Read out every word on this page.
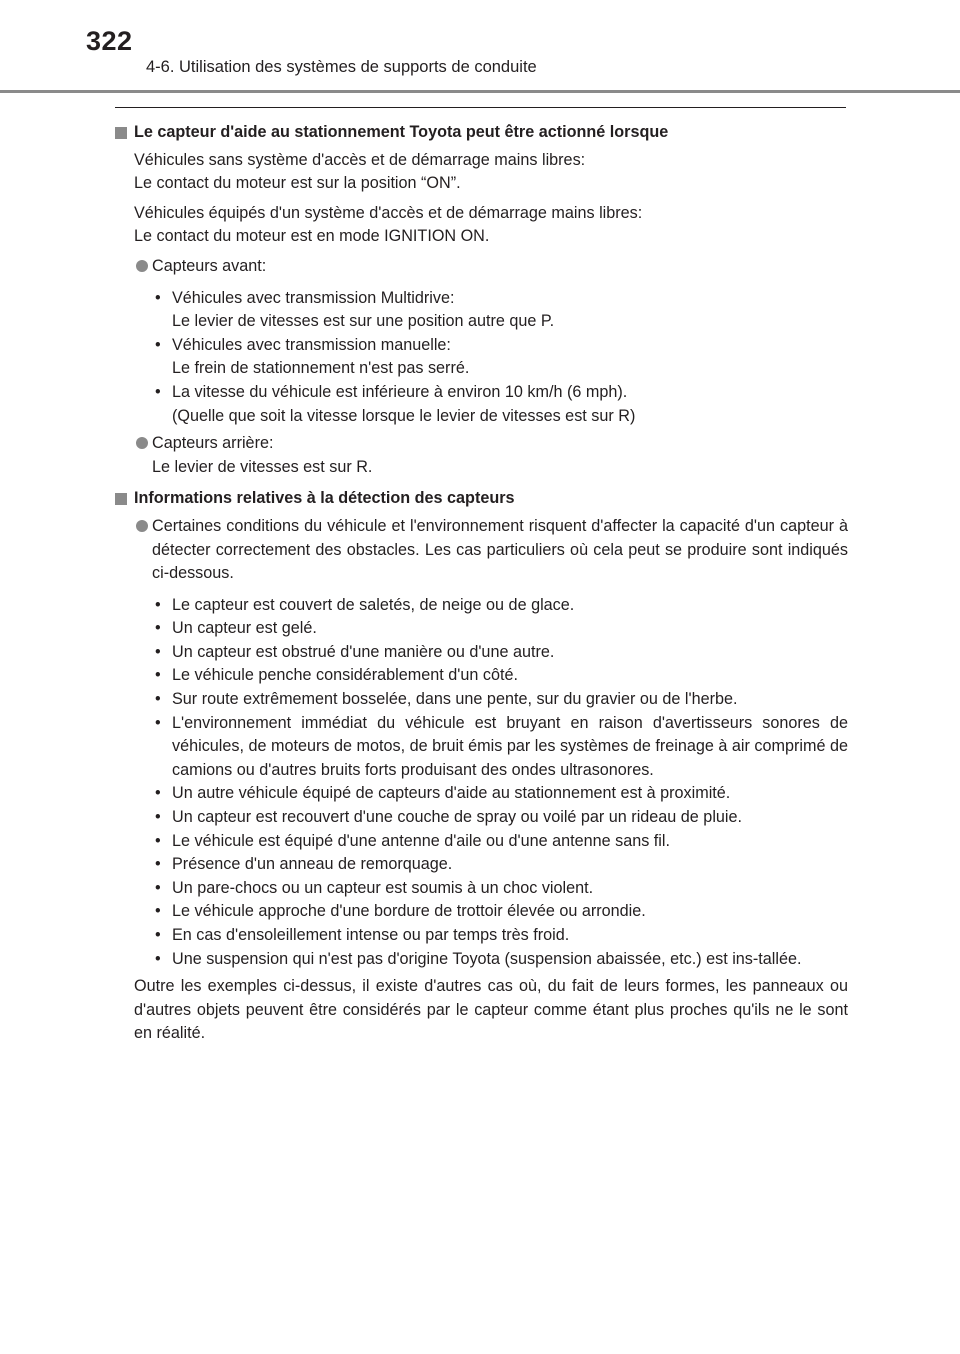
322
4-6. Utilisation des systèmes de supports de conduite
Le capteur d'aide au stationnement Toyota peut être actionné lorsque

Véhicules sans système d'accès et de démarrage mains libres:

Le contact du moteur est sur la position “ON”.

Véhicules équipés d'un système d'accès et de démarrage mains libres:

Le contact du moteur est en mode IGNITION ON.

Capteurs avant:
• Véhicules avec transmission Multidrive:
Le levier de vitesses est sur une position autre que P.
• Véhicules avec transmission manuelle:
Le frein de stationnement n'est pas serré.
• La vitesse du véhicule est inférieure à environ 10 km/h (6 mph).
(Quelle que soit la vitesse lorsque le levier de vitesses est sur R)
Capteurs arrière:
Le levier de vitesses est sur R.
Informations relatives à la détection des capteurs
Certaines conditions du véhicule et l'environnement risquent d'affecter la capacité d'un capteur à détecter correctement des obstacles. Les cas particuliers où cela peut se produire sont indiqués ci-dessous.
• Le capteur est couvert de saletés, de neige ou de glace.
• Un capteur est gelé.
• Un capteur est obstrué d'une manière ou d'une autre.
• Le véhicule penche considérablement d'un côté.
• Sur route extrêmement bosselée, dans une pente, sur du gravier ou de l'herbe.
• L'environnement immédiat du véhicule est bruyant en raison d'avertisseurs sonores de véhicules, de moteurs de motos, de bruit émis par les systèmes de freinage à air comprimé de camions ou d'autres bruits forts produisant des ondes ultrasonores.
• Un autre véhicule équipé de capteurs d'aide au stationnement est à proximité.
• Un capteur est recouvert d'une couche de spray ou voilé par un rideau de pluie.
• Le véhicule est équipé d'une antenne d'aile ou d'une antenne sans fil.
• Présence d'un anneau de remorquage.
• Un pare-chocs ou un capteur est soumis à un choc violent.
• Le véhicule approche d'une bordure de trottoir élevée ou arrondie.
• En cas d'ensoleillement intense ou par temps très froid.
• Une suspension qui n'est pas d'origine Toyota (suspension abaissée, etc.) est ins-tallée.
Outre les exemples ci-dessus, il existe d'autres cas où, du fait de leurs formes, les panneaux ou d'autres objets peuvent être considérés par le capteur comme étant plus proches qu'ils ne le sont en réalité.
